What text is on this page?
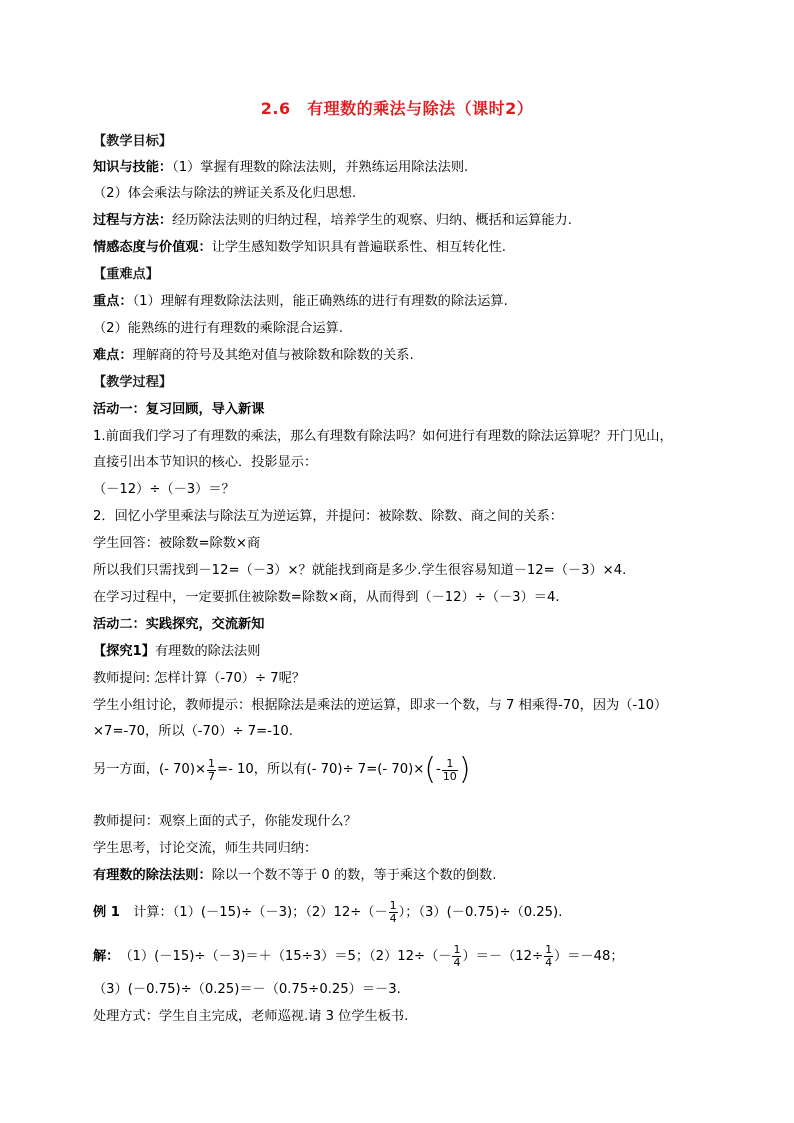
2.6　有理数的乘法与除法（课时2）
【教学目标】
知识与技能：（1）掌握有理数的除法法则，并熟练运用除法法则.
（2）体会乘法与除法的辨证关系及化归思想.
过程与方法：经历除法法则的归纳过程，培养学生的观察、归纳、概括和运算能力.
情感态度与价值观：让学生感知数学知识具有普遍联系性、相互转化性.
【重难点】
重点：（1）理解有理数除法法则，能正确熟练的进行有理数的除法运算.
（2）能熟练的进行有理数的乘除混合运算.
难点：理解商的符号及其绝对值与被除数和除数的关系.
【教学过程】
活动一：复习回顾，导入新课
1.前面我们学习了有理数的乘法，那么有理数有除法吗？如何进行有理数的除法运算呢？开门见山，
直接引出本节知识的核心．投影显示：
（－12）÷（－3）＝？
2．回忆小学里乘法与除法互为逆运算，并提问：被除数、除数、商之间的关系：
学生回答：被除数=除数×商
所以我们只需找到－12=（－3）×？就能找到商是多少.学生很容易知道－12=（－3）×4.
在学习过程中，一定要抓住被除数=除数×商，从而得到（－12）÷（－3）＝4.
活动二：实践探究，交流新知
【探究1】有理数的除法法则
教师提问: 怎样计算（-70）÷ 7呢？
学生小组讨论，教师提示：根据除法是乘法的逆运算，即求一个数，与 7 相乘得-70，因为（-10）
×7=-70，所以（-70）÷ 7=-10.
另一方面，(- $70)\times \frac{1}{7} =- 10$，所以有(- 70)÷ 7=(- $70)\times(- \frac{1}{10}$ )
教师提问：观察上面的式子，你能发现什么？
学生思考，讨论交流，师生共同归纳：
有理数的除法法则：除以一个数不等于 0 的数，等于乘这个数的倒数.
例 1　计算：（1）(－15)÷（－3)；$(2)12\div(- \frac{1}{4}$ ）；（3）(－0.75)÷（0.25).
解：（1）(－15)÷（－3)＝＋（15÷3）＝5；$(2)12\div(- \frac{1}{4} )=-(12\div \frac{1}{4} )=-48$；
（3）(－0.75)÷（0.25)＝－（0.75÷0.25）＝－3.
处理方式：学生自主完成，老师巡视.请 3 位学生板书.
